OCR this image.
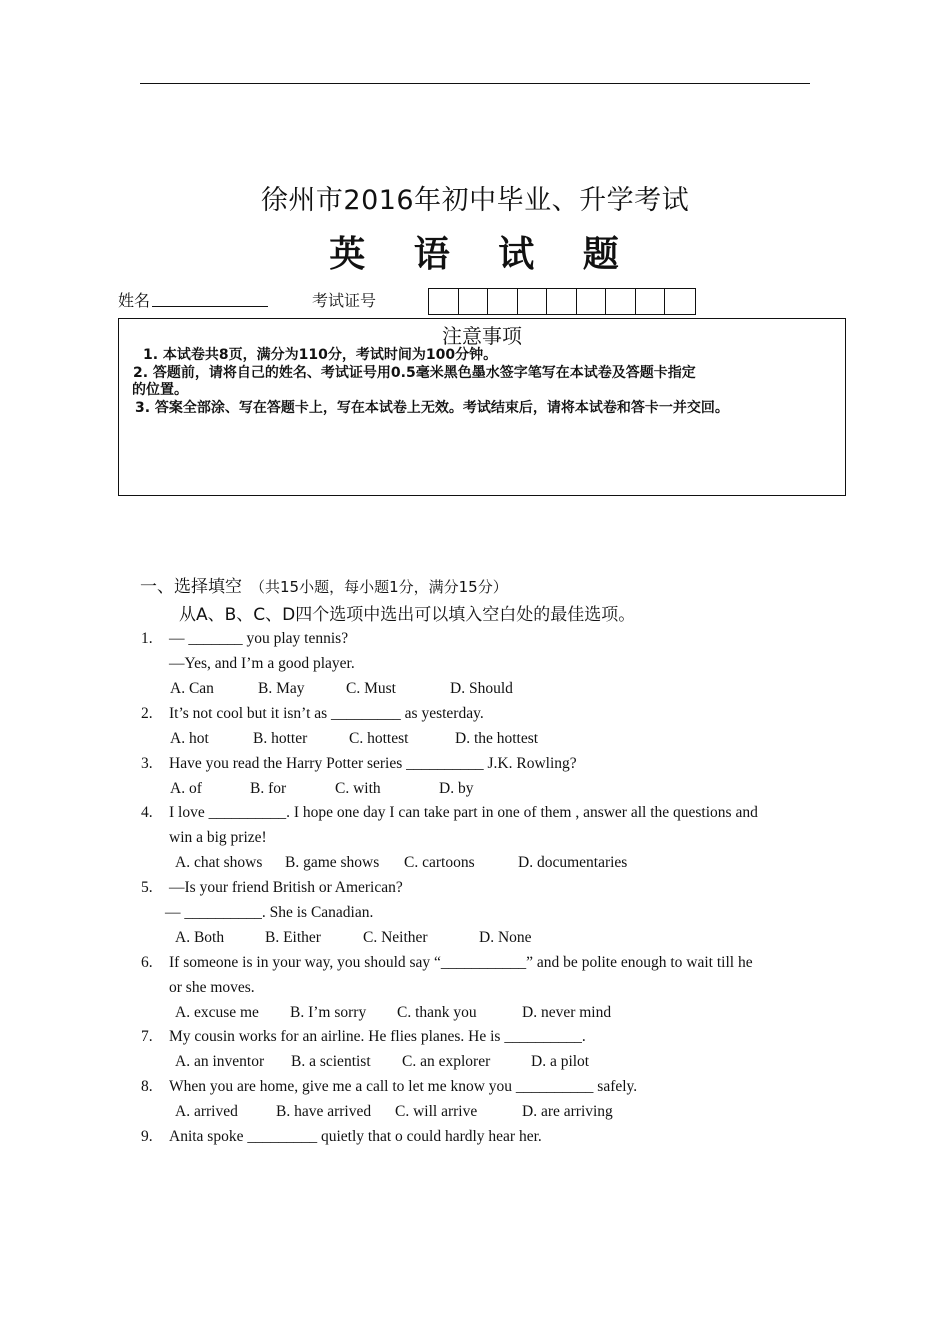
徐州市2016年初中毕业、升学考试
英 语 试 题
姓名	考试证号
注意事项
1. 本试卷共8页，满分为110分，考试时间为100分钟。
2. 答题前，请将自己的姓名、考试证号用0.5毫米黑色墨水签字笔写在本试卷及答题卡指定
的位置。
3. 答案全部涂、写在答题卡上，写在本试卷上无效。考试结束后，请将本试卷和答卡一并交回。
一、选择填空 （共15小题，每小题1分，满分15分）
从A、B、C、D四个选项中选出可以填入空白处的最佳选项。
1. — _______ you play tennis?
—Yes, and I’m a good player.
A. Can	B. May	C. Must	D. Should
2. It’s not cool but it isn’t as _________ as yesterday.
A. hot	B. hotter	C. hottest	D. the hottest
3. Have you read the Harry Potter series __________ J.K. Rowling?
A. of	B. for	C. with	D. by
4. I love __________. I hope one day I can take part in one of them , answer all the questions and
win a big prize!
A. chat shows B. game shows C. cartoons	D. documentaries
5. —Is your friend British or American?
— __________. She is Canadian.
A. Both	B. Either	C. Neither	D. None
6. If someone is in your way, you should say “___________” and be polite enough to wait till he
or she moves.
A. excuse me B. I’m sorry C. thank you	D. never mind
7. My cousin works for an airline. He flies planes. He is __________.
A. an inventor B. a scientist C. an explorer	D. a pilot
8. When you are home, give me a call to let me know you __________ safely.
A. arrived B. have arrived C. will arrive	D. are arriving
9. Anita spoke _________ quietly that o could hardly hear her.
